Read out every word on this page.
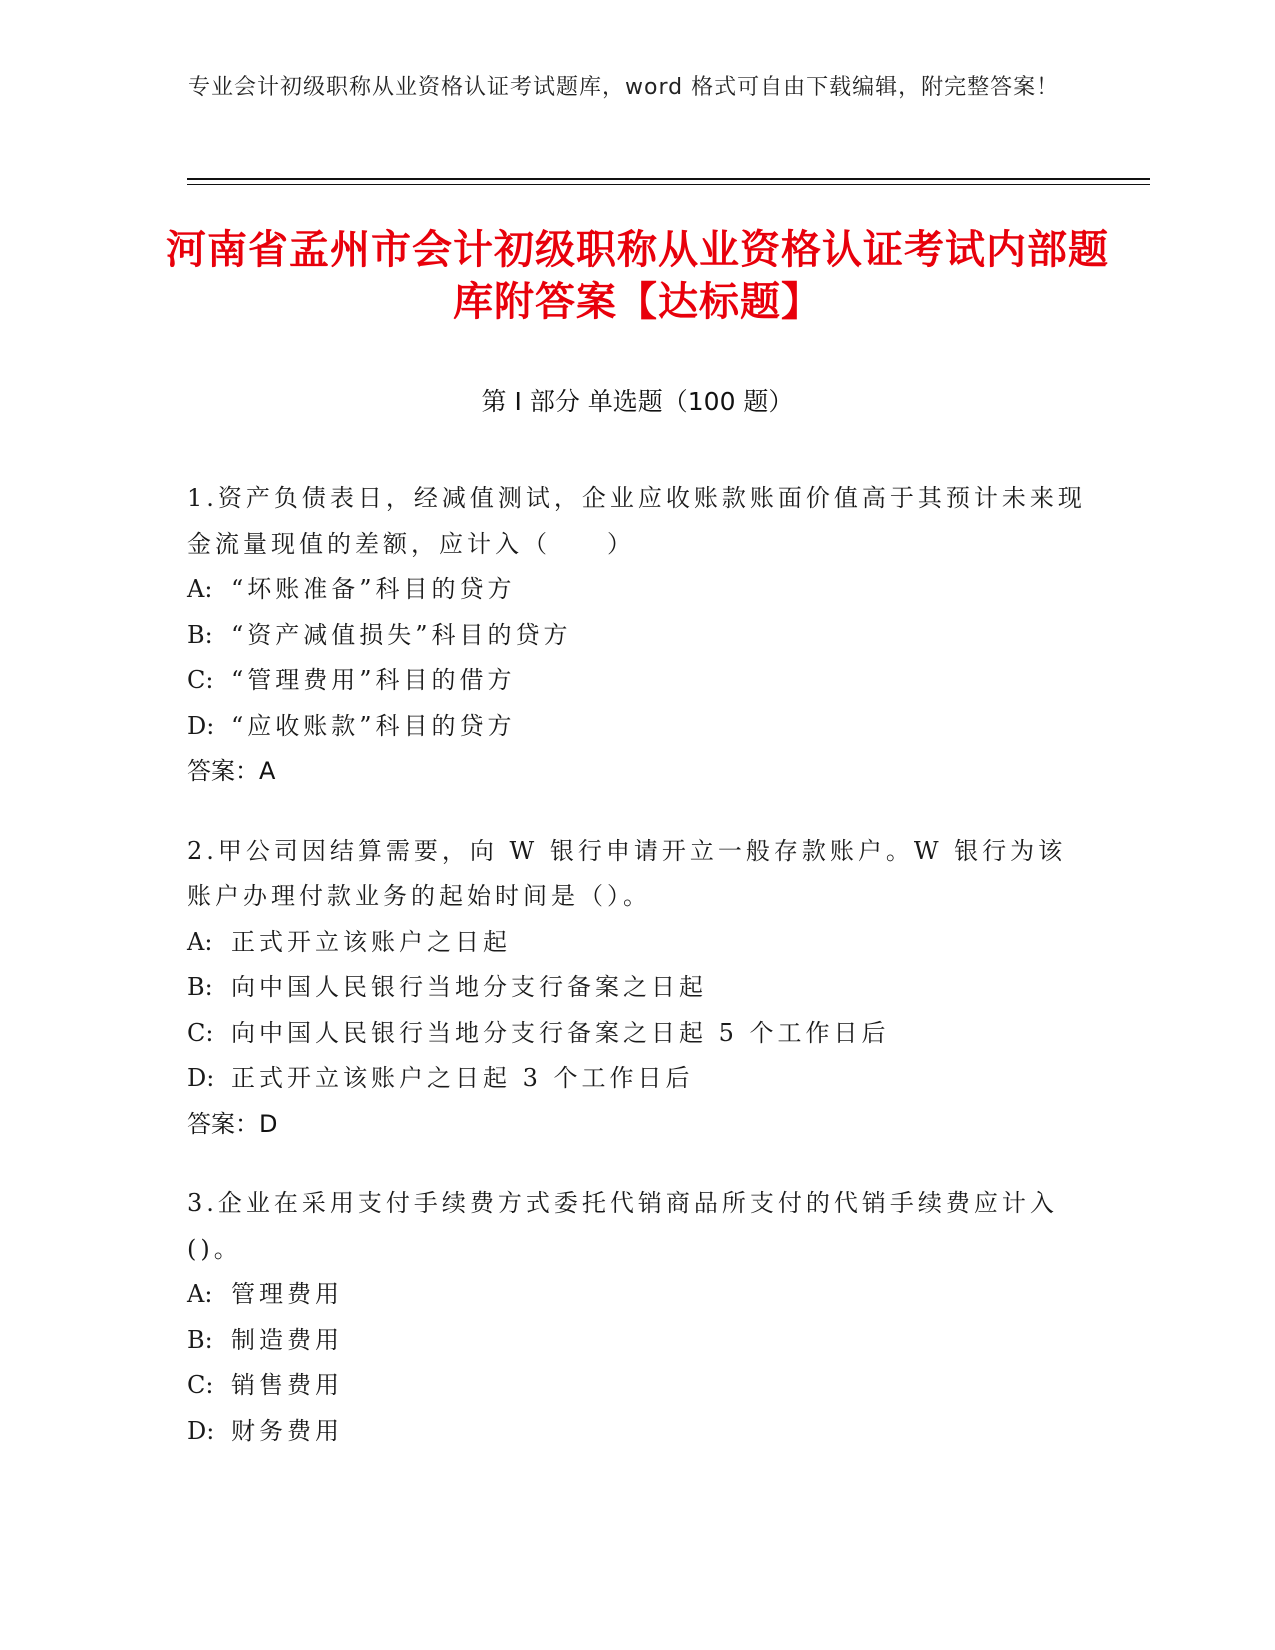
专业会计初级职称从业资格认证考试题库，word 格式可自由下载编辑，附完整答案！
河南省孟州市会计初级职称从业资格认证考试内部题库附答案【达标题】
第 I 部分 单选题（100 题）
1.资产负债表日，经减值测试，企业应收账款账面价值高于其预计未来现金流量现值的差额，应计入（　　）
A: “坏账准备”科目的贷方
B: “资产减值损失”科目的贷方
C: “管理费用”科目的借方
D: “应收账款”科目的贷方
答案：A
2.甲公司因结算需要，向 W 银行申请开立一般存款账户。W 银行为该账户办理付款业务的起始时间是（）。
A: 正式开立该账户之日起
B: 向中国人民银行当地分支行备案之日起
C: 向中国人民银行当地分支行备案之日起 5 个工作日后
D: 正式开立该账户之日起 3 个工作日后
答案：D
3.企业在采用支付手续费方式委托代销商品所支付的代销手续费应计入()。
A: 管理费用
B: 制造费用
C: 销售费用
D: 财务费用
